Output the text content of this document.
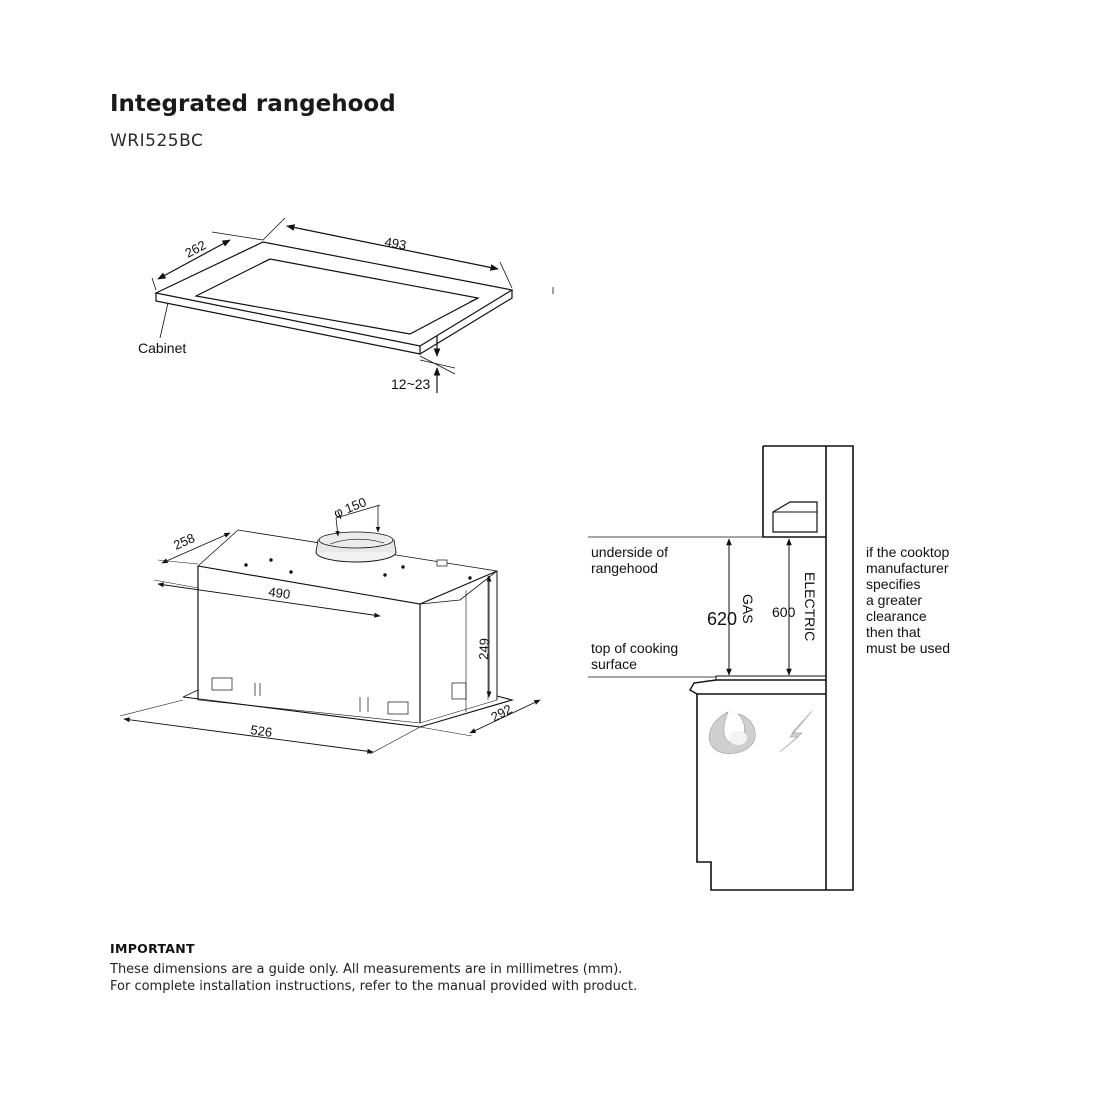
Integrated rangehood
WRI525BC
262	493
Cabinet
12~23
φ 150
258
490
249
526
292
underside of
rangehood
top of cooking
surface
620 GAS 600 ELECTRIC
if the cooktop
manufacturer
specifies
a greater
clearance
then that
must be used
IMPORTANT
These dimensions are a guide only. All measurements are in millimetres (mm).
For complete installation instructions, refer to the manual provided with product.
